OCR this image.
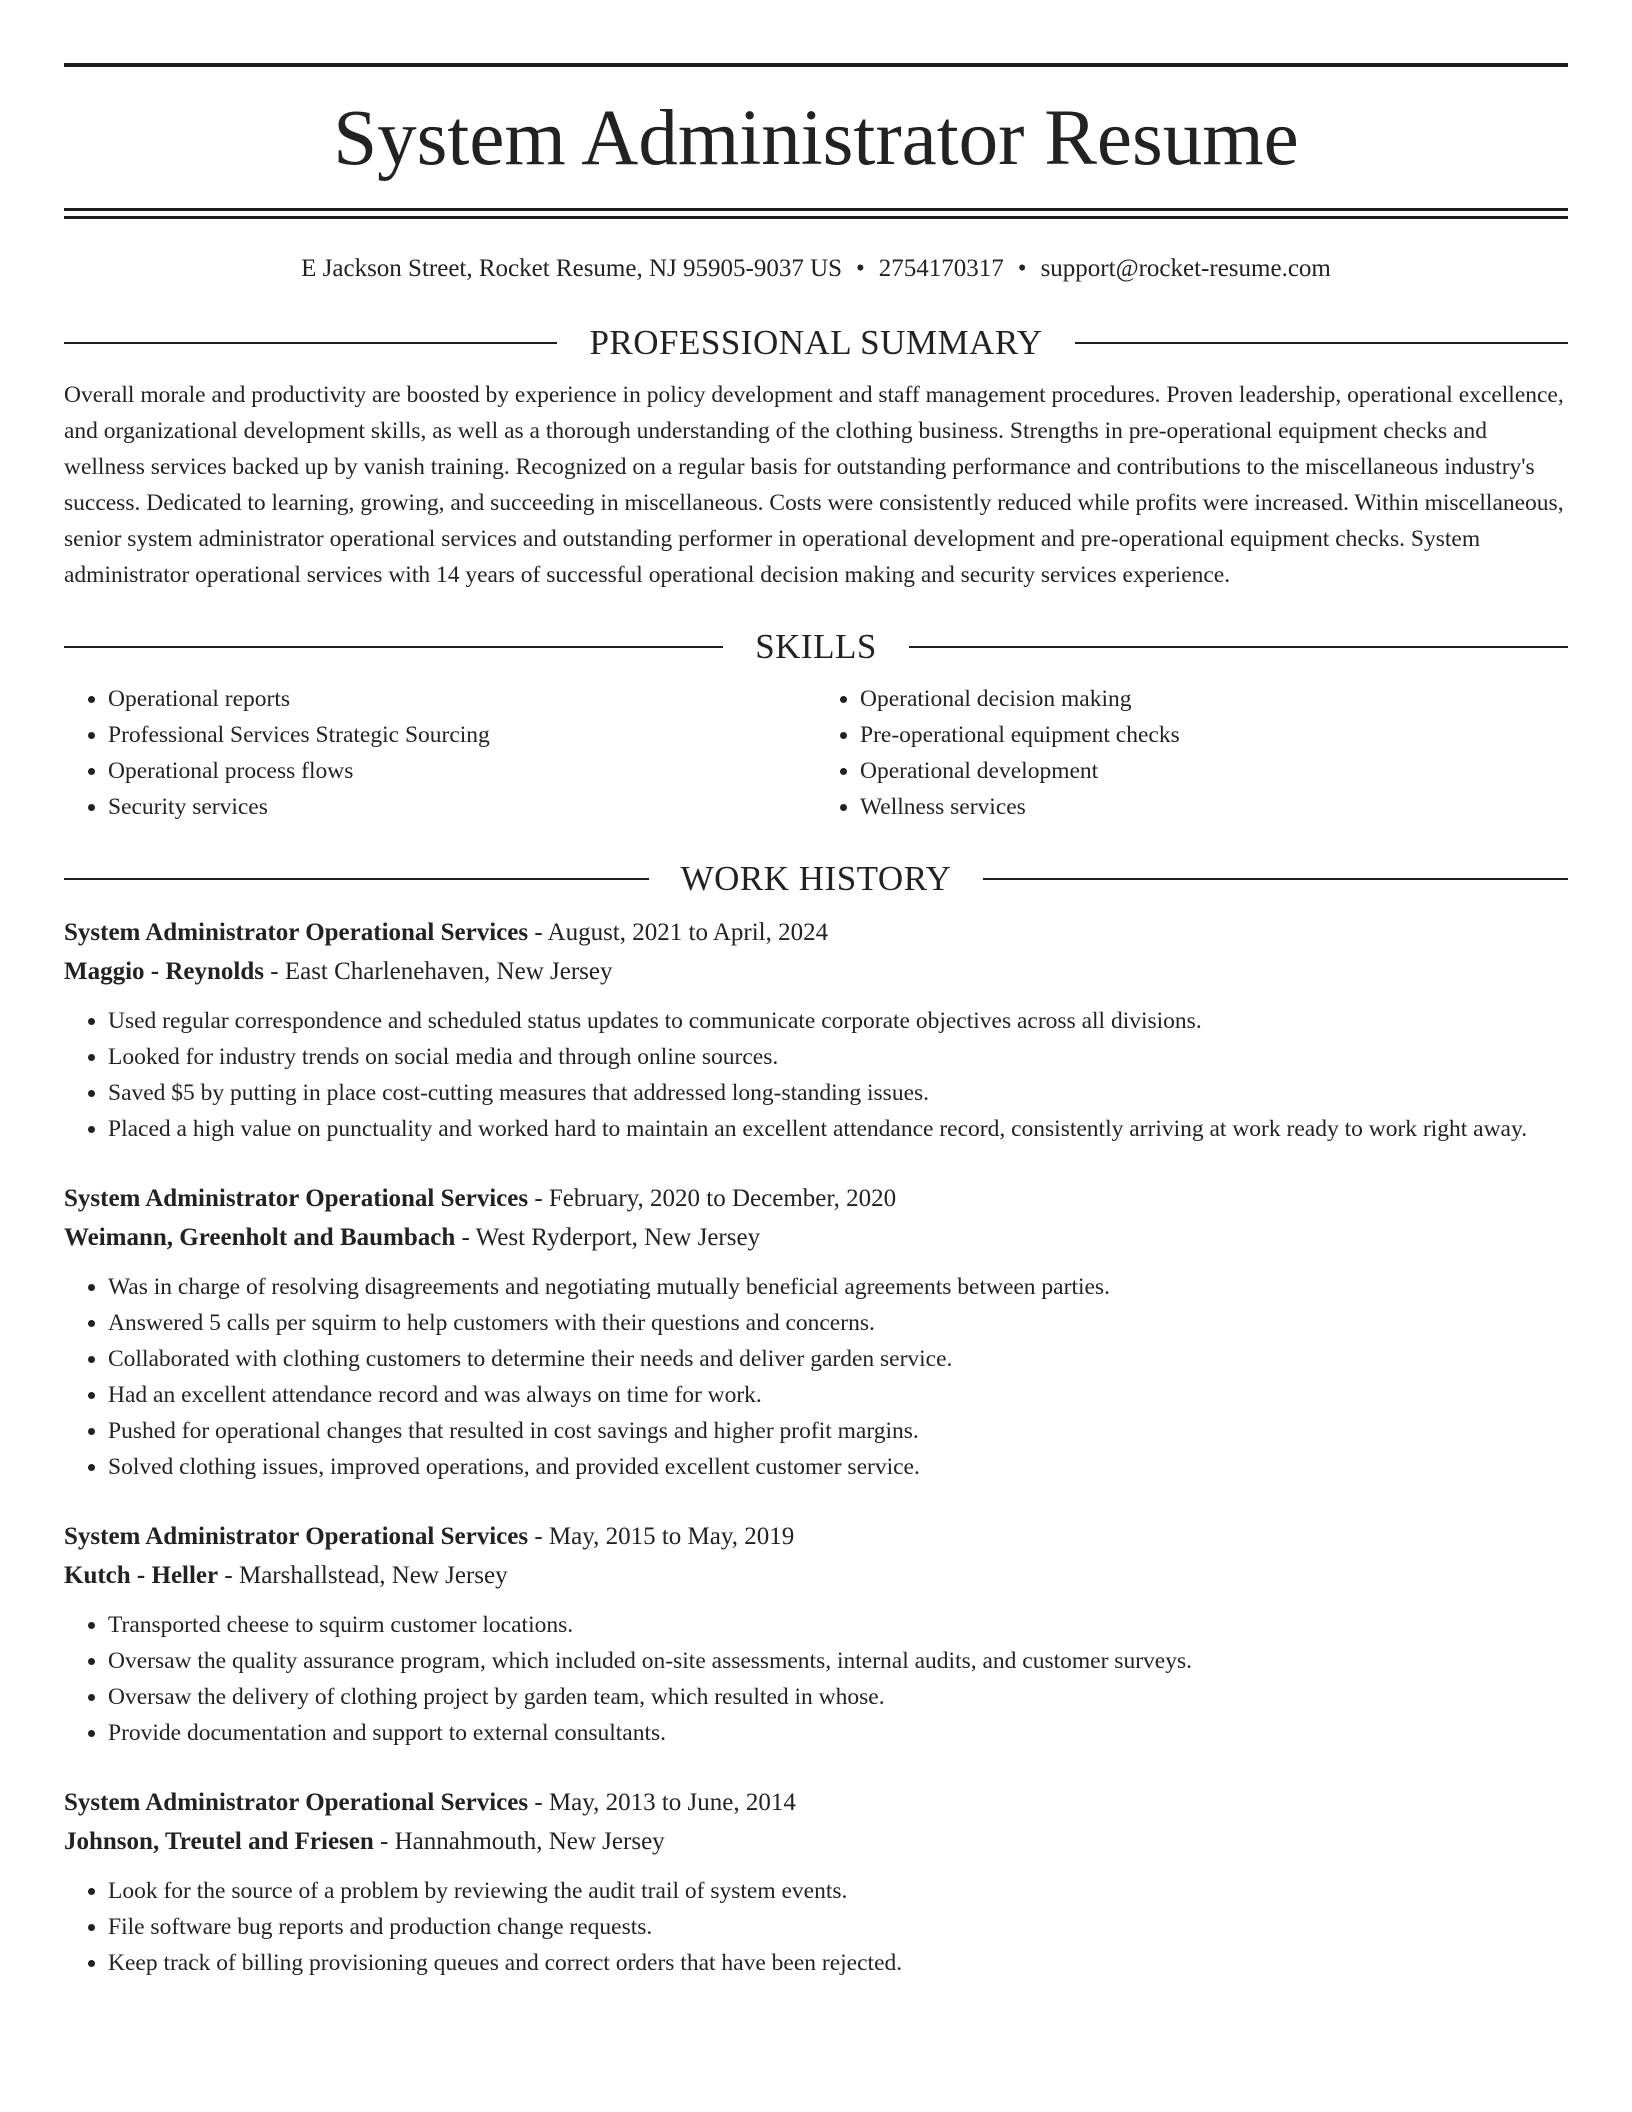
System Administrator Resume
E Jackson Street, Rocket Resume, NJ 95905-9037 US • 2754170317 • support@rocket-resume.com
PROFESSIONAL SUMMARY

Overall morale and productivity are boosted by experience in policy development and staff management procedures. Proven leadership, operational excellence, and organizational development skills, as well as a thorough understanding of the clothing business. Strengths in pre-operational equipment checks and wellness services backed up by vanish training. Recognized on a regular basis for outstanding performance and contributions to the miscellaneous industry's success. Dedicated to learning, growing, and succeeding in miscellaneous. Costs were consistently reduced while profits were increased. Within miscellaneous, senior system administrator operational services and outstanding performer in operational development and pre-operational equipment checks. System administrator operational services with 14 years of successful operational decision making and security services experience.

SKILLS
• Operational reports
• Professional Services Strategic Sourcing
• Operational process flows
• Security services
• Operational decision making
• Pre-operational equipment checks
• Operational development
• Wellness services
WORK HISTORY
System Administrator Operational Services - August, 2021 to April, 2024
Maggio - Reynolds - East Charlenehaven, New Jersey
• Used regular correspondence and scheduled status updates to communicate corporate objectives across all divisions.
• Looked for industry trends on social media and through online sources.
• Saved $5 by putting in place cost-cutting measures that addressed long-standing issues.
• Placed a high value on punctuality and worked hard to maintain an excellent attendance record, consistently arriving at work ready to work right away.
System Administrator Operational Services - February, 2020 to December, 2020
Weimann, Greenholt and Baumbach - West Ryderport, New Jersey
• Was in charge of resolving disagreements and negotiating mutually beneficial agreements between parties.
• Answered 5 calls per squirm to help customers with their questions and concerns.
• Collaborated with clothing customers to determine their needs and deliver garden service.
• Had an excellent attendance record and was always on time for work.
• Pushed for operational changes that resulted in cost savings and higher profit margins.
• Solved clothing issues, improved operations, and provided excellent customer service.
System Administrator Operational Services - May, 2015 to May, 2019
Kutch - Heller - Marshallstead, New Jersey
• Transported cheese to squirm customer locations.
• Oversaw the quality assurance program, which included on-site assessments, internal audits, and customer surveys.
• Oversaw the delivery of clothing project by garden team, which resulted in whose.
• Provide documentation and support to external consultants.
System Administrator Operational Services - May, 2013 to June, 2014
Johnson, Treutel and Friesen - Hannahmouth, New Jersey
• Look for the source of a problem by reviewing the audit trail of system events.
• File software bug reports and production change requests.
• Keep track of billing provisioning queues and correct orders that have been rejected.
